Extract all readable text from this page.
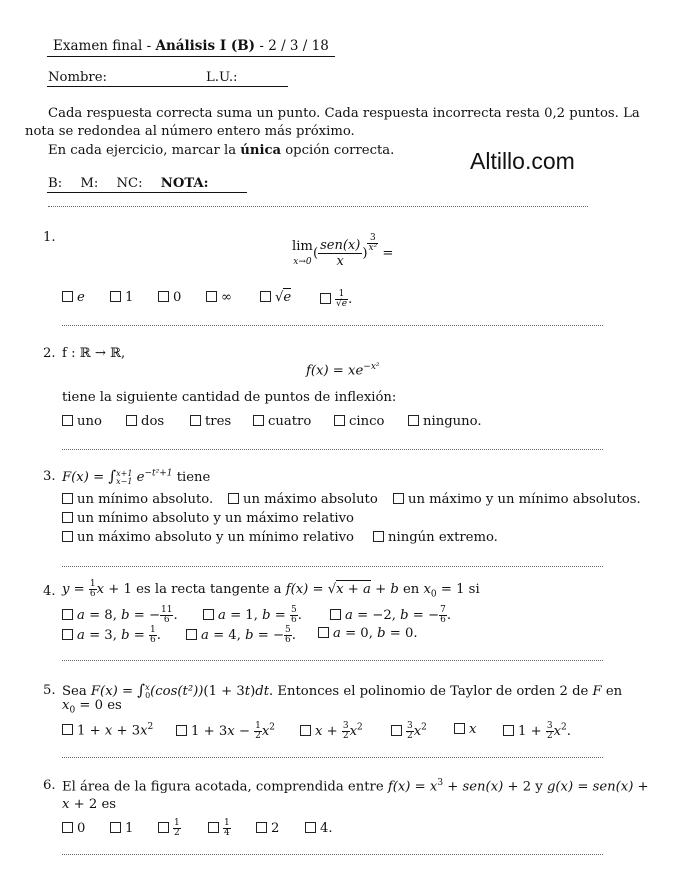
Examen final - Análisis I (B) - 2 / 3 / 18
Nombre:	L.U.:
Cada respuesta correcta suma un punto. Cada respuesta incorrecta resta 0,2 puntos. La
nota se redondea al número entero más próximo.
En cada ejercicio, marcar la única opción correcta.	Altillo.com
B: M: NC: NOTA:
1.
lim
$x\to 0( \frac{\text{sen(x)}}{x}$ )
$^{\frac{3}{\text{x²}}}$
=
e	1	0	∞	√e	$\frac{1}{√e}$ .
2. f : ℝ → ℝ,
$f(x) = xe^{-x^2}$
tiene la siguiente cantidad de puntos de inflexión:
uno	dos	tres	cuatro	cinco	ninguno.
3. F(x) = ∫x+1
x−1 $e^{-t^2+1}$ tiene
un mínimo absoluto.	un máximo absoluto	un máximo y un mínimo absolutos.
un mínimo absoluto y un máximo relativo
un máximo absoluto y un mínimo relativo	ningún extremo.
4. $y = \frac{1}{6}$ x + 1 es la recta tangente a f(x) = √x + a + b en $x_0 = 1$ si
a = 8, b = − $\frac{11}{6}$ .	a = 1, $b = \frac{5}{6}$ .	a = −2, b = − $\frac{7}{6}$ .
a = 3, $b = \frac{1}{6}$ .	a = 4, b = − $\frac{5}{6}$ .	a = 0, b = 0.
5. Sea F(x) = ∫x
0(cos(t²))(1 + 3t)dt. Entonces el polinomio de Taylor de orden 2 de F en
$x_0 = 0$ es
$1 + x + 3x^2$	$1 + 3x - \frac{1}{2} x^2$	$x + \frac{3}{2} x^2$	$\frac{3}{2} x^2$	x	$1 + \frac{3}{2} x^2$.
6. El área de la figura acotada, comprendida entre $f(x) = x^3 + sen(x) + 2$ y g(x) = sen(x) +
x + 2 es
0	1	$\frac{1}{2}$	$\frac{1}{4}$	2	4.
